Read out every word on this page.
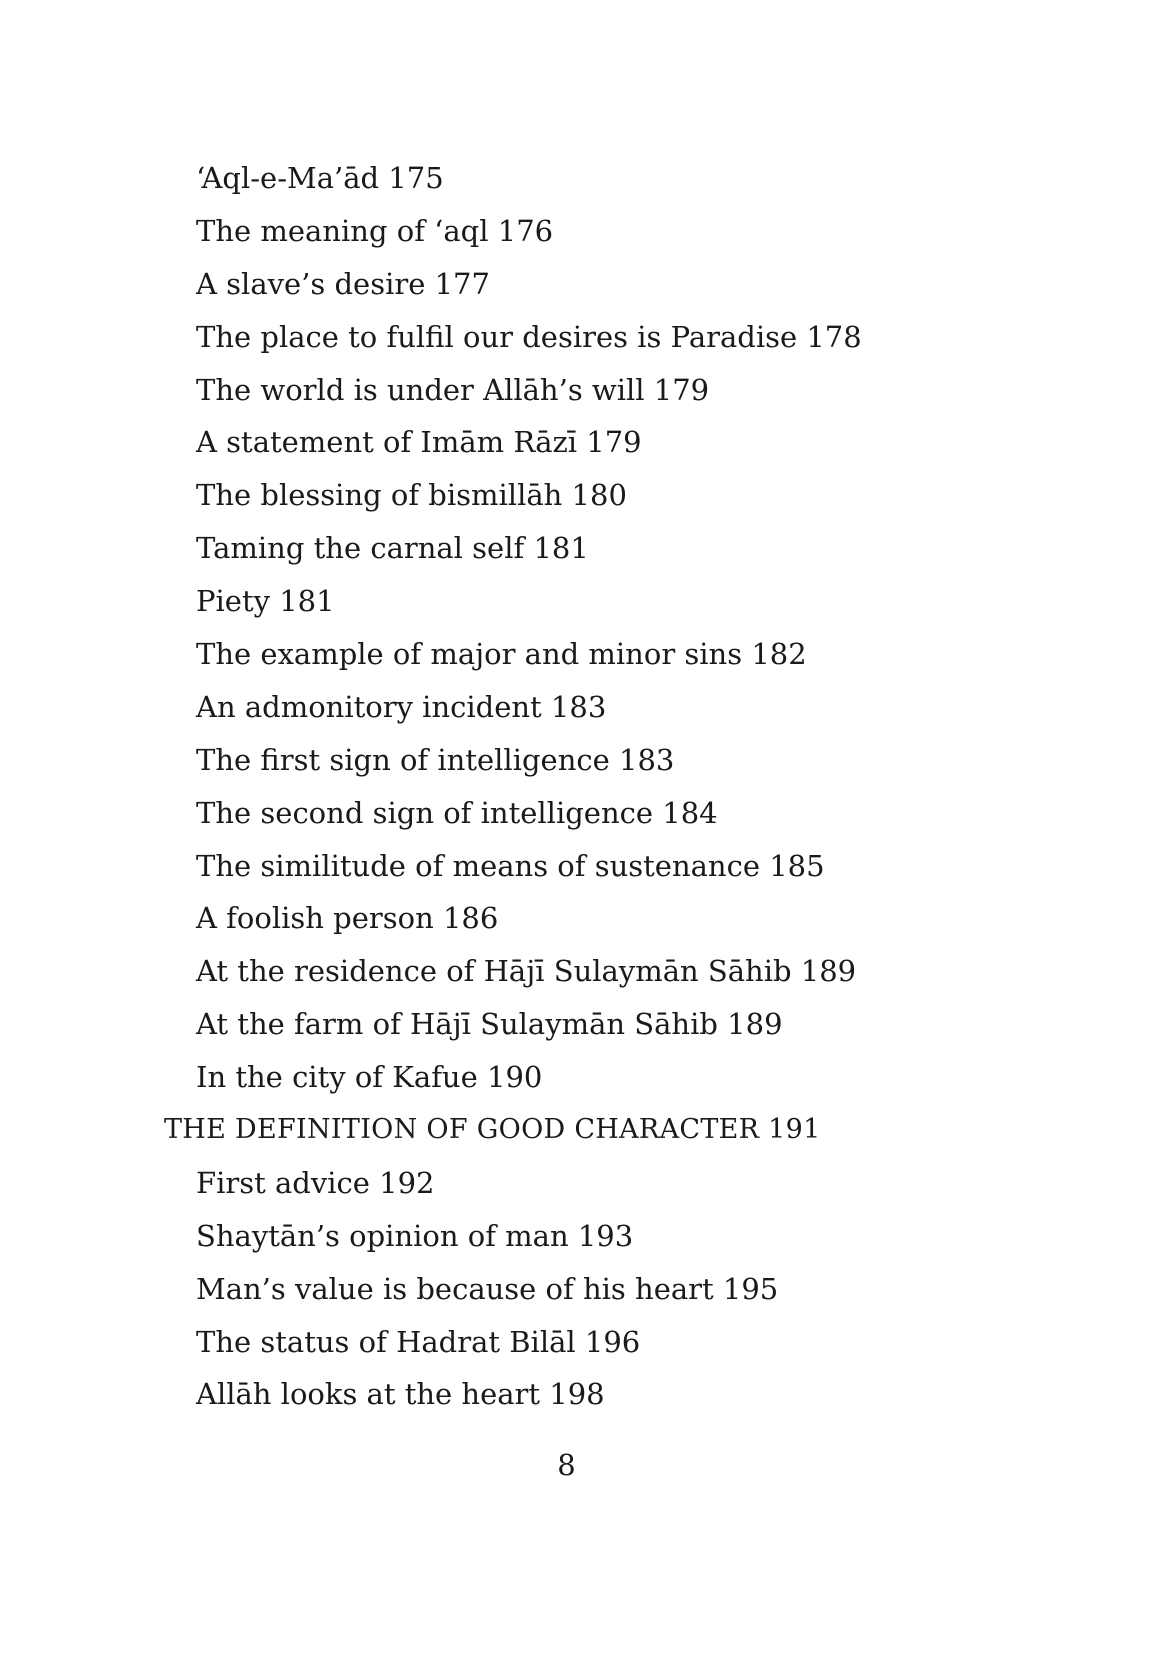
‘Aql-e-Ma’ād 175
The meaning of ‘aql 176
A slave’s desire 177
The place to fulfil our desires is Paradise 178
The world is under Allāh’s will 179
A statement of Imām Rāzī 179
The blessing of bismillāh 180
Taming the carnal self 181
Piety 181
The example of major and minor sins 182
An admonitory incident 183
The first sign of intelligence 183
The second sign of intelligence 184
The similitude of means of sustenance 185
A foolish person 186
At the residence of Hājī Sulaymān Sāhib 189
At the farm of Hājī Sulaymān Sāhib 189
In the city of Kafue 190
THE DEFINITION OF GOOD CHARACTER 191
First advice 192
Shaytān’s opinion of man 193
Man’s value is because of his heart 195
The status of Hadrat Bilāl 196
Allāh looks at the heart 198
8
